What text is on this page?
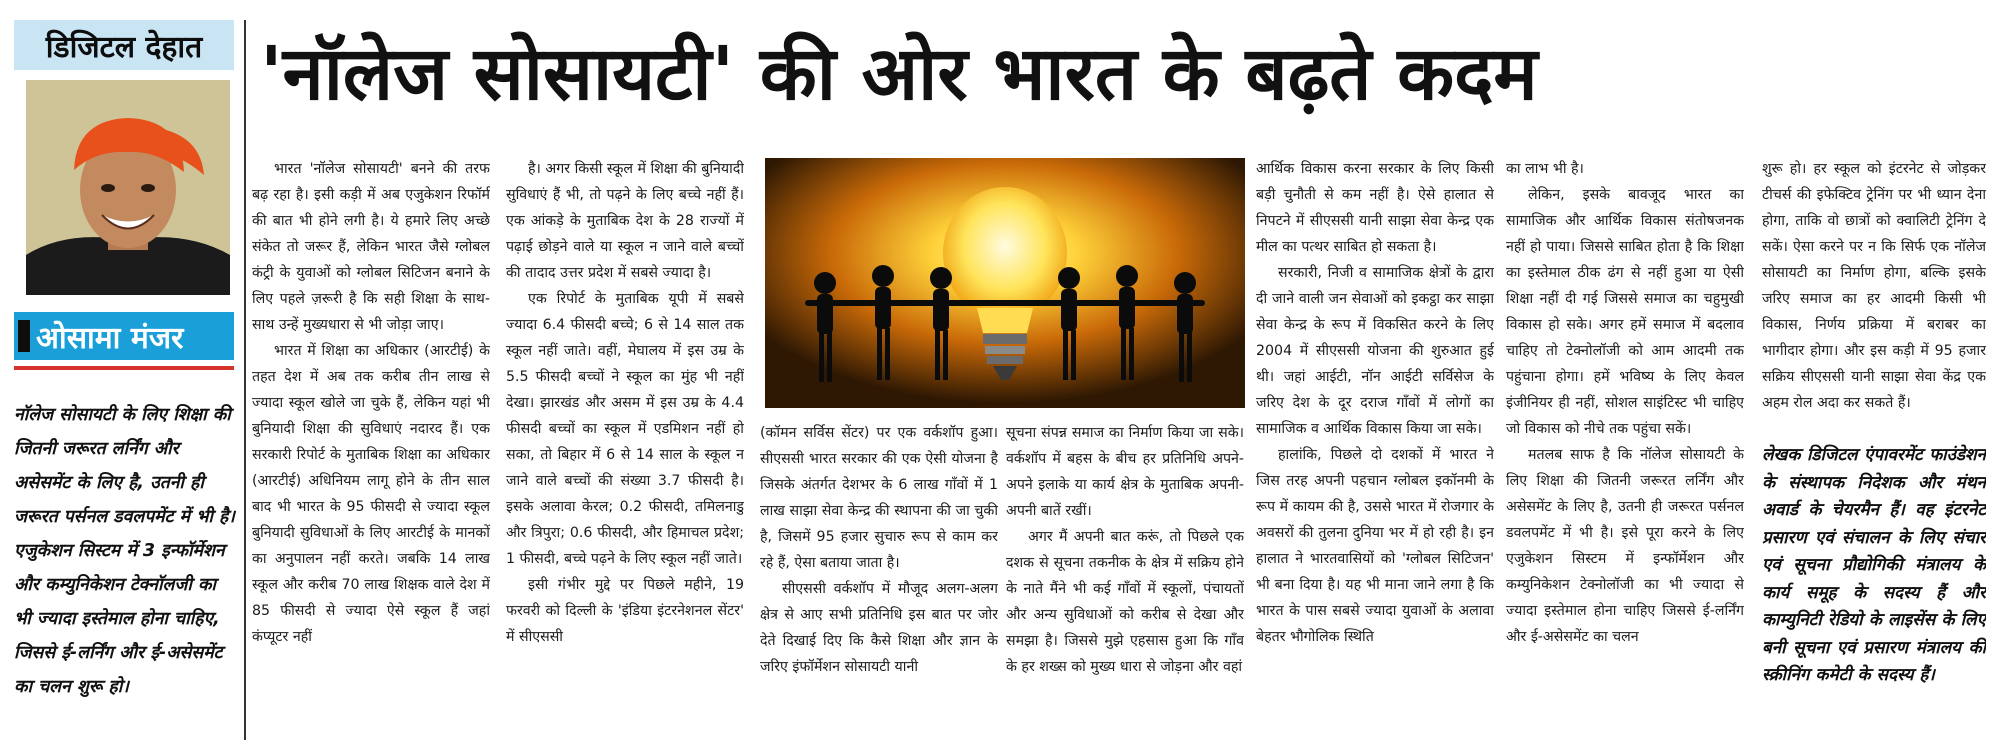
डिजिटल देहात
ओसामा मंजर
नॉलेज सोसायटी के लिए शिक्षा की जितनी जरूरत लर्निंग और असेसमेंट के लिए है, उतनी ही जरूरत पर्सनल डवलपमेंट में भी है। एजुकेशन सिस्टम में 3 इन्फॉर्मेशन और कम्युनिकेशन टेक्नॉलजी का भी ज्यादा इस्तेमाल होना चाहिए, जिससे ई-लर्निंग और ई-असेसमेंट का चलन शुरू हो।
'नॉलेज सोसायटी' की ओर भारत के बढ़ते कदम

भारत 'नॉलेज सोसायटी' बनने की तरफ बढ़ रहा है। इसी कड़ी में अब एजुकेशन रिफॉर्म की बात भी होने लगी है। ये हमारे लिए अच्छे संकेत तो जरूर हैं, लेकिन भारत जैसे ग्लोबल कंट्री के युवाओं को ग्लोबल सिटिजन बनाने के लिए पहले ज़रूरी है कि सही शिक्षा के साथ-साथ उन्हें मुख्यधारा से भी जोड़ा जाए।

भारत में शिक्षा का अधिकार (आरटीई) के तहत देश में अब तक करीब तीन लाख से ज्यादा स्कूल खोले जा चुके हैं, लेकिन यहां भी बुनियादी शिक्षा की सुविधाएं नदारद हैं। एक सरकारी रिपोर्ट के मुताबिक शिक्षा का अधिकार (आरटीई) अधिनियम लागू होने के तीन साल बाद भी भारत के 95 फीसदी से ज्यादा स्कूल बुनियादी सुविधाओं के लिए आरटीई के मानकों का अनुपालन नहीं करते। जबकि 14 लाख स्कूल और करीब 70 लाख शिक्षक वाले देश में 85 फीसदी से ज्यादा ऐसे स्कूल हैं जहां कंप्यूटर नहीं

है। अगर किसी स्कूल में शिक्षा की बुनियादी सुविधाएं हैं भी, तो पढ़ने के लिए बच्चे नहीं हैं। एक आंकड़े के मुताबिक देश के 28 राज्यों में पढ़ाई छोड़ने वाले या स्कूल न जाने वाले बच्चों की तादाद उत्तर प्रदेश में सबसे ज्यादा है।

एक रिपोर्ट के मुताबिक यूपी में सबसे ज्यादा 6.4 फीसदी बच्चे; 6 से 14 साल तक स्कूल नहीं जाते। वहीं, मेघालय में इस उम्र के 5.5 फीसदी बच्चों ने स्कूल का मुंह भी नहीं देखा। झारखंड और असम में इस उम्र के 4.4 फीसदी बच्चों का स्कूल में एडमिशन नहीं हो सका, तो बिहार में 6 से 14 साल के स्कूल न जाने वाले बच्चों की संख्या 3.7 फीसदी है। इसके अलावा केरल; 0.2 फीसदी, तमिलनाडु और त्रिपुरा; 0.6 फीसदी, और हिमाचल प्रदेश; 1 फीसदी, बच्चे पढ़ने के लिए स्कूल नहीं जाते।

इसी गंभीर मुद्दे पर पिछले महीने, 19 फरवरी को दिल्ली के 'इंडिया इंटरनेशनल सेंटर' में सीएससी

(कॉमन सर्विस सेंटर) पर एक वर्कशॉप हुआ। सीएससी भारत सरकार की एक ऐसी योजना है जिसके अंतर्गत देशभर के 6 लाख गाँवों में 1 लाख साझा सेवा केन्द्र की स्थापना की जा चुकी है, जिसमें 95 हजार सुचारु रूप से काम कर रहे हैं, ऐसा बताया जाता है।

सीएससी वर्कशॉप में मौजूद अलग-अलग क्षेत्र से आए सभी प्रतिनिधि इस बात पर जोर देते दिखाई दिए कि कैसे शिक्षा और ज्ञान के जरिए इंफॉर्मेशन सोसायटी यानी

सूचना संपन्न समाज का निर्माण किया जा सके। वर्कशॉप में बहस के बीच हर प्रतिनिधि अपने-अपने इलाके या कार्य क्षेत्र के मुताबिक अपनी-अपनी बातें रखीं।

अगर मैं अपनी बात करूं, तो पिछले एक दशक से सूचना तकनीक के क्षेत्र में सक्रिय होने के नाते मैंने भी कई गाँवों में स्कूलों, पंचायतों और अन्य सुविधाओं को करीब से देखा और समझा है। जिससे मुझे एहसास हुआ कि गाँव के हर शख्स को मुख्य धारा से जोड़ना और वहां

आर्थिक विकास करना सरकार के लिए किसी बड़ी चुनौती से कम नहीं है। ऐसे हालात से निपटने में सीएससी यानी साझा सेवा केन्द्र एक मील का पत्थर साबित हो सकता है।

सरकारी, निजी व सामाजिक क्षेत्रों के द्वारा दी जाने वाली जन सेवाओं को इकट्ठा कर साझा सेवा केन्द्र के रूप में विकसित करने के लिए 2004 में सीएससी योजना की शुरुआत हुई थी। जहां आईटी, नॉन आईटी सर्विसेज के जरिए देश के दूर दराज गाँवों में लोगों का सामाजिक व आर्थिक विकास किया जा सके।

हालांकि, पिछले दो दशकों में भारत ने जिस तरह अपनी पहचान ग्लोबल इकॉनमी के रूप में कायम की है, उससे भारत में रोजगार के अवसरों की तुलना दुनिया भर में हो रही है। इन हालात ने भारतवासियों को 'ग्लोबल सिटिजन' भी बना दिया है। यह भी माना जाने लगा है कि भारत के पास सबसे ज्यादा युवाओं के अलावा बेहतर भौगोलिक स्थिति

का लाभ भी है।

लेकिन, इसके बावजूद भारत का सामाजिक और आर्थिक विकास संतोषजनक नहीं हो पाया। जिससे साबित होता है कि शिक्षा का इस्तेमाल ठीक ढंग से नहीं हुआ या ऐसी शिक्षा नहीं दी गई जिससे समाज का चहुमुखी विकास हो सके। अगर हमें समाज में बदलाव चाहिए तो टेक्नोलॉजी को आम आदमी तक पहुंचाना होगा। हमें भविष्य के लिए केवल इंजीनियर ही नहीं, सोशल साइंटिस्ट भी चाहिए जो विकास को नीचे तक पहुंचा सकें।

मतलब साफ है कि नॉलेज सोसायटी के लिए शिक्षा की जितनी जरूरत लर्निंग और असेसमेंट के लिए है, उतनी ही जरूरत पर्सनल डवलपमेंट में भी है। इसे पूरा करने के लिए एजुकेशन सिस्टम में इन्फॉर्मेशन और कम्युनिकेशन टेक्नोलॉजी का भी ज्यादा से ज्यादा इस्तेमाल होना चाहिए जिससे ई-लर्निंग और ई-असेसमेंट का चलन

शुरू हो। हर स्कूल को इंटरनेट से जोड़कर टीचर्स की इफेक्टिव ट्रेनिंग पर भी ध्यान देना होगा, ताकि वो छात्रों को क्वालिटी ट्रेनिंग दे सकें। ऐसा करने पर न कि सिर्फ एक नॉलेज सोसायटी का निर्माण होगा, बल्कि इसके जरिए समाज का हर आदमी किसी भी विकास, निर्णय प्रक्रिया में बराबर का भागीदार होगा। और इस कड़ी में 95 हजार सक्रिय सीएससी यानी साझा सेवा केंद्र एक अहम रोल अदा कर सकते हैं।

लेखक डिजिटल एंपावरमेंट फाउंडेशन के संस्थापक निदेशक और मंथन अवार्ड के चेयरमैन हैं। वह इंटरनेट प्रसारण एवं संचालन के लिए संचार एवं सूचना प्रौद्योगिकी मंत्रालय के कार्य समूह के सदस्य हैं और काम्युनिटी रेडियो के लाइसेंस के लिए बनी सूचना एवं प्रसारण मंत्रालय की स्क्रीनिंग कमेटी के सदस्य हैं।
